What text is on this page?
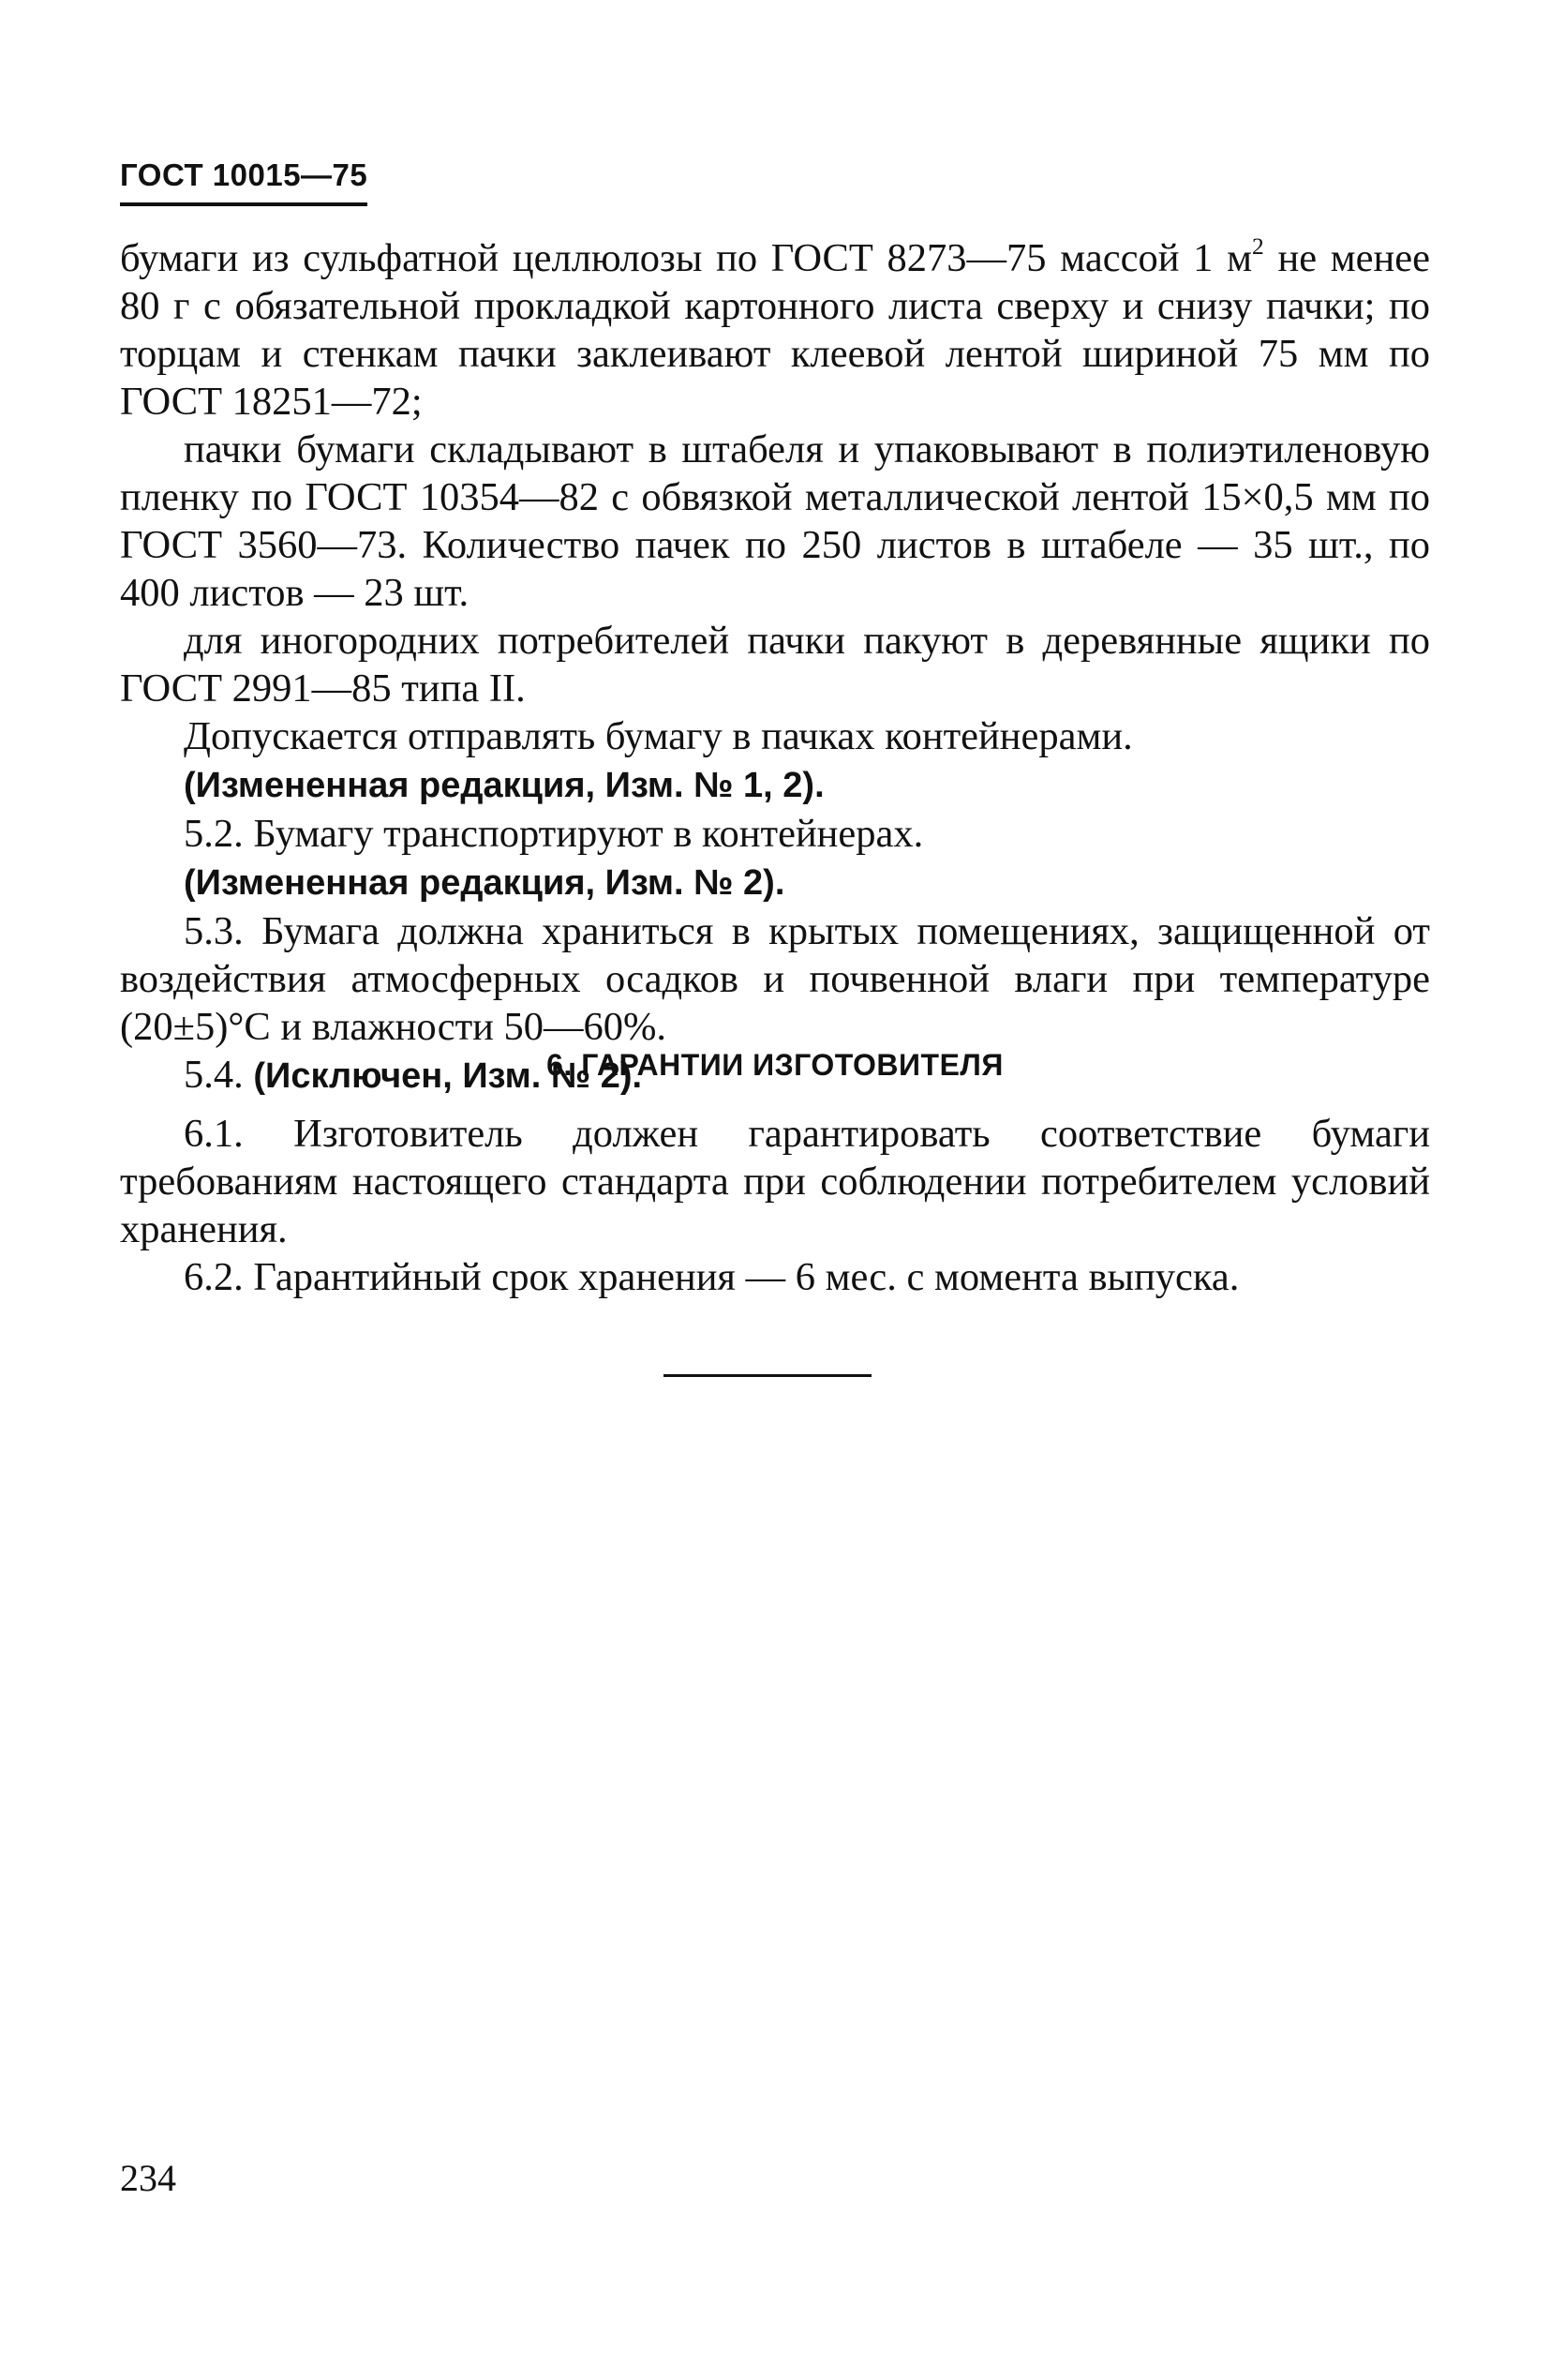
ГОСТ 10015—75

бумаги из сульфатной целлюлозы по ГОСТ 8273—75 массой 1 $м^2$ не менее 80 г с обязательной прокладкой картонного листа сверху и снизу пачки; по торцам и стенкам пачки заклеивают клеевой лентой шириной 75 мм по ГОСТ 18251—72;

пачки бумаги складывают в штабеля и упаковывают в полиэтиленовую пленку по ГОСТ 10354—82 с обвязкой металлической лентой 15×0,5 мм по ГОСТ 3560—73. Количество пачек по 250 листов в штабеле — 35 шт., по 400 листов — 23 шт.

для иногородних потребителей пачки пакуют в деревянные ящики по ГОСТ 2991—85 типа II.

Допускается отправлять бумагу в пачках контейнерами.

(Измененная редакция, Изм. № 1, 2).

5.2. Бумагу транспортируют в контейнерах.

(Измененная редакция, Изм. № 2).

5.3. Бумага должна храниться в крытых помещениях, защищенной от воздействия атмосферных осадков и почвенной влаги при температуре (20±5)°С и влажности 50—60%.

5.4. (Исключен, Изм. № 2).

6. ГАРАНТИИ ИЗГОТОВИТЕЛЯ

6.1. Изготовитель должен гарантировать соответствие бумаги требованиям настоящего стандарта при соблюдении потребителем условий хранения.

6.2. Гарантийный срок хранения — 6 мес. с момента выпуска.

234
